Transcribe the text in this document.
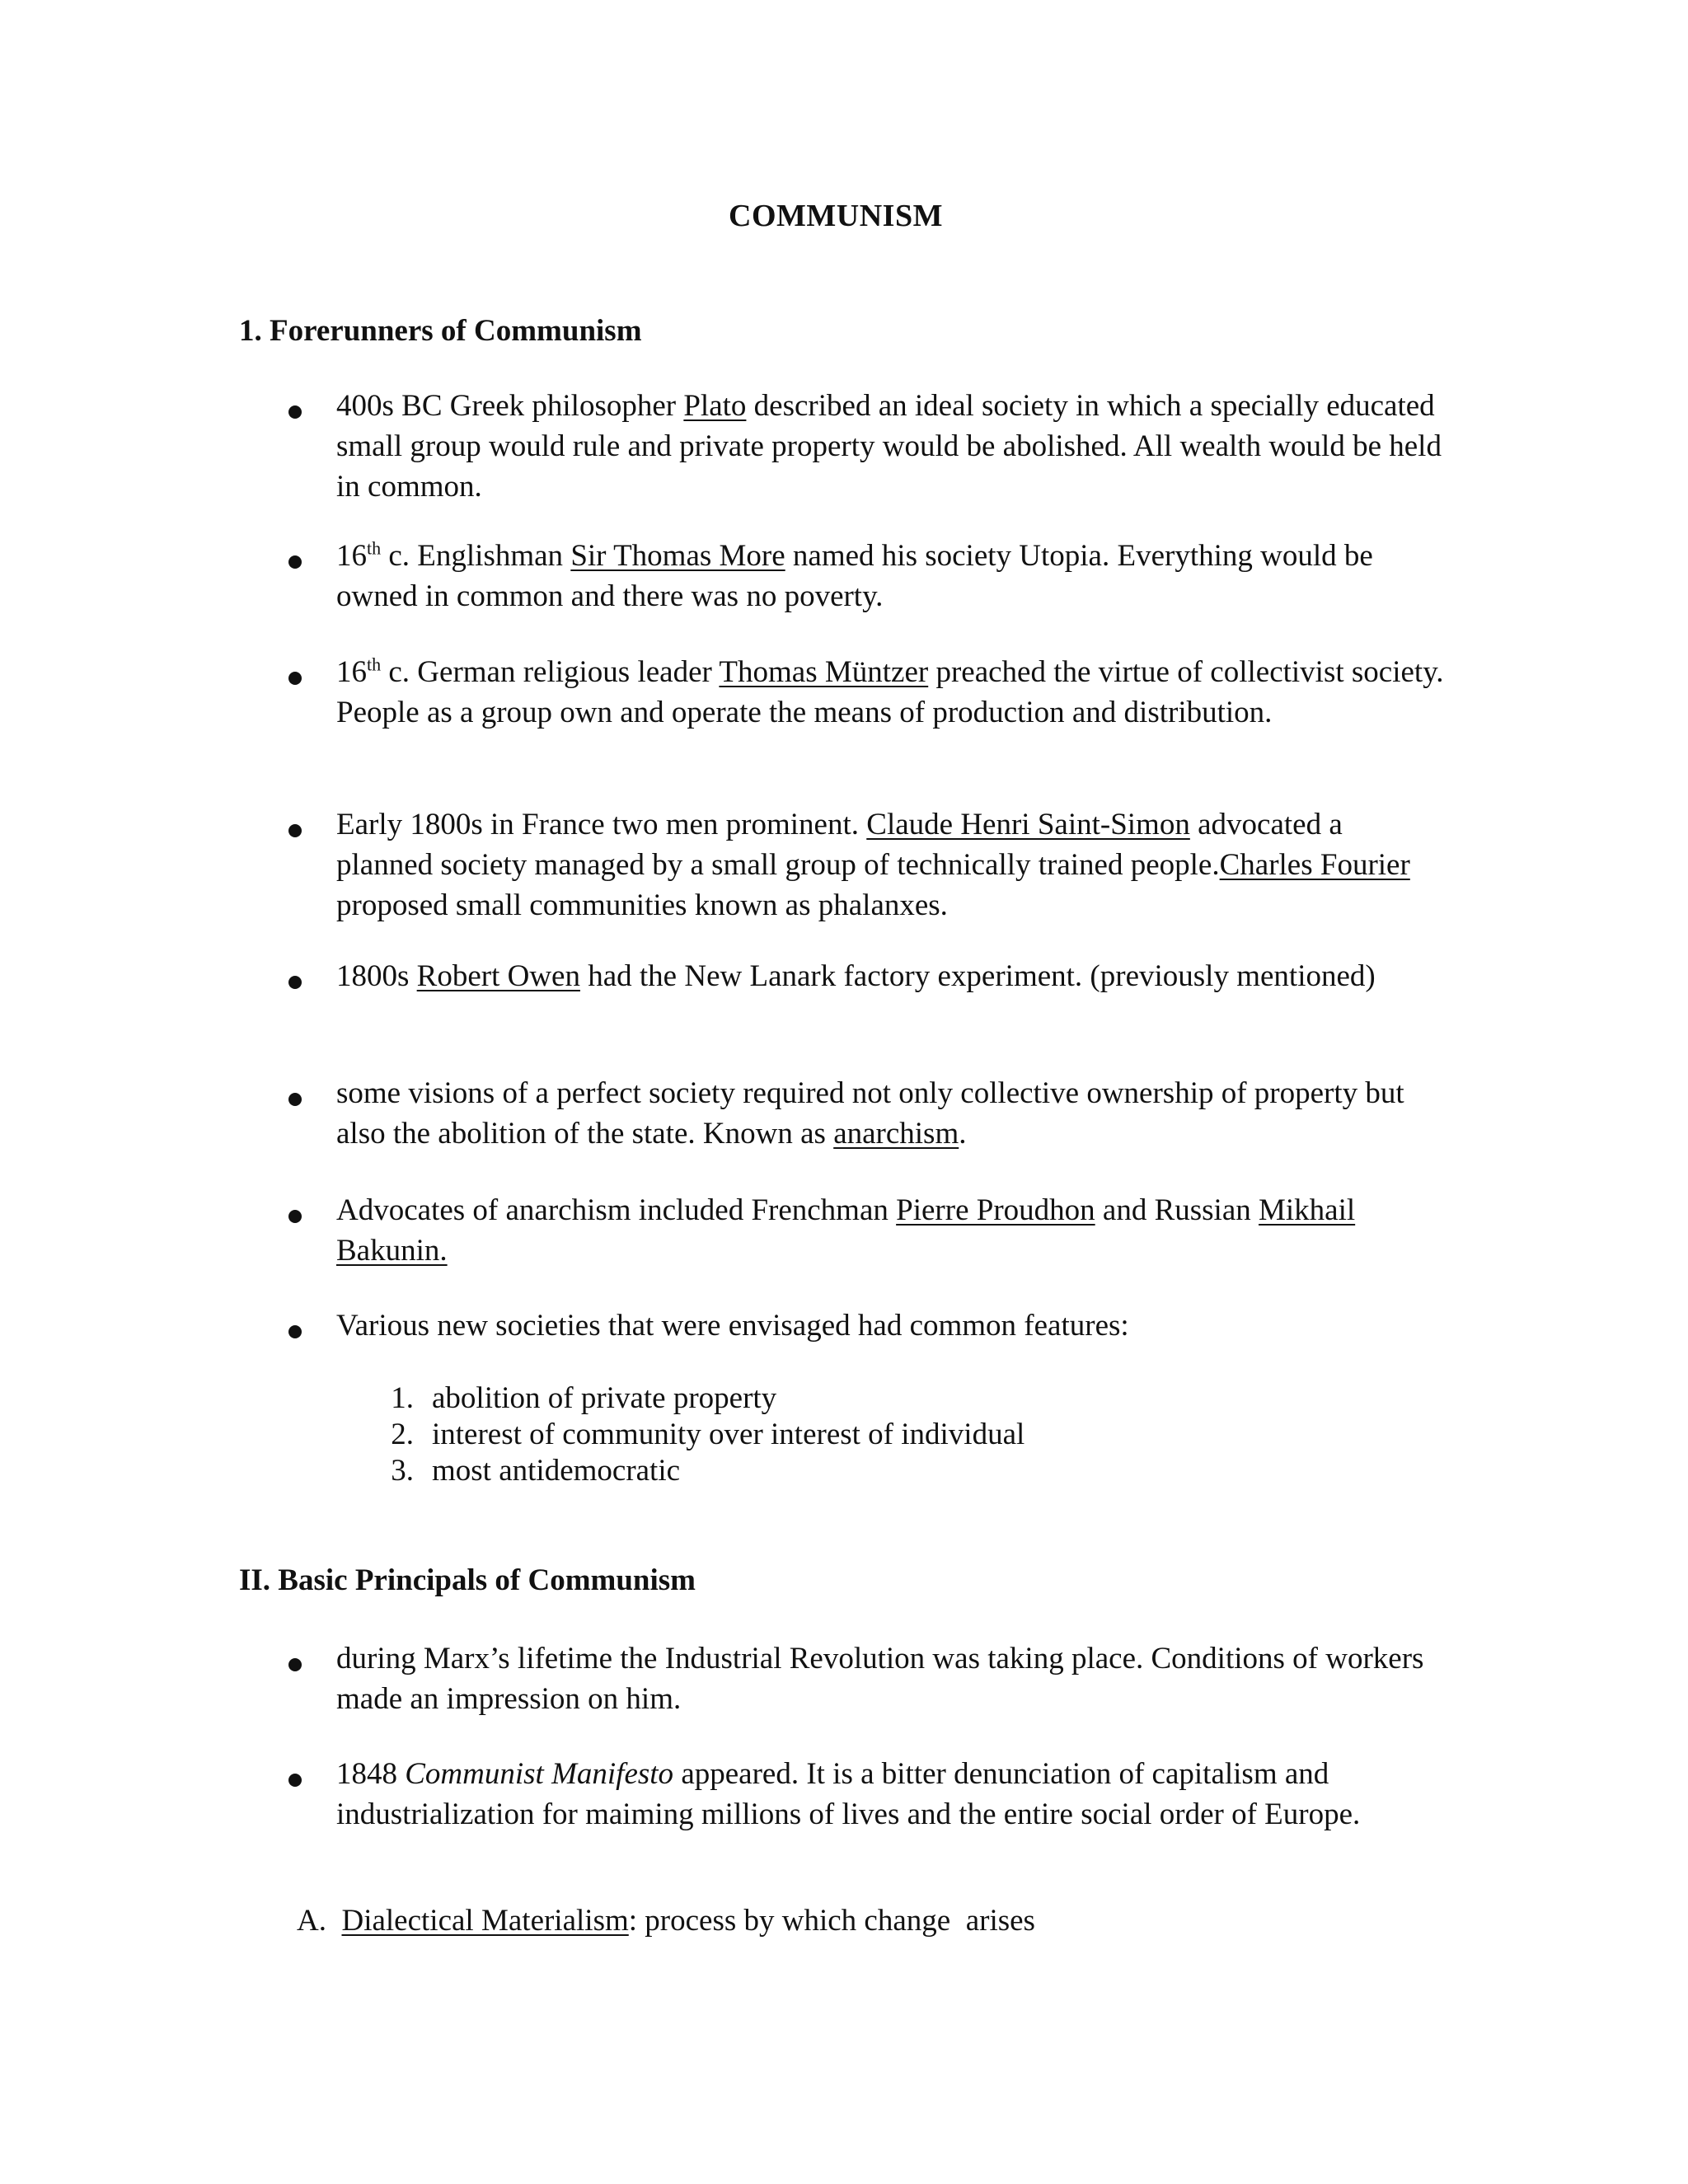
COMMUNISM
1. Forerunners of Communism
400s BC Greek philosopher Plato described an ideal society in which a specially educated small group would rule and private property would be abolished. All wealth would be held in common.
16th c. Englishman Sir Thomas More named his society Utopia. Everything would be owned in common and there was no poverty.
16th c. German religious leader Thomas Müntzer preached the virtue of collectivist society. People as a group own and operate the means of production and distribution.
Early 1800s in France two men prominent. Claude Henri Saint-Simon advocated a planned society managed by a small group of technically trained people.Charles Fourier proposed small communities known as phalanxes.
1800s Robert Owen had the New Lanark factory experiment. (previously mentioned)
some visions of a perfect society required not only collective ownership of property but also the abolition of the state. Known as anarchism.
Advocates of anarchism included Frenchman Pierre Proudhon and Russian Mikhail Bakunin.
Various new societies that were envisaged had common features:
1. abolition of private property
2. interest of community over interest of individual
3. most antidemocratic
II. Basic Principals of Communism
during Marx’s lifetime the Industrial Revolution was taking place. Conditions of workers made an impression on him.
1848 Communist Manifesto appeared. It is a bitter denunciation of capitalism and industrialization for maiming millions of lives and the entire social order of Europe.
A. Dialectical Materialism: process by which change  arises
